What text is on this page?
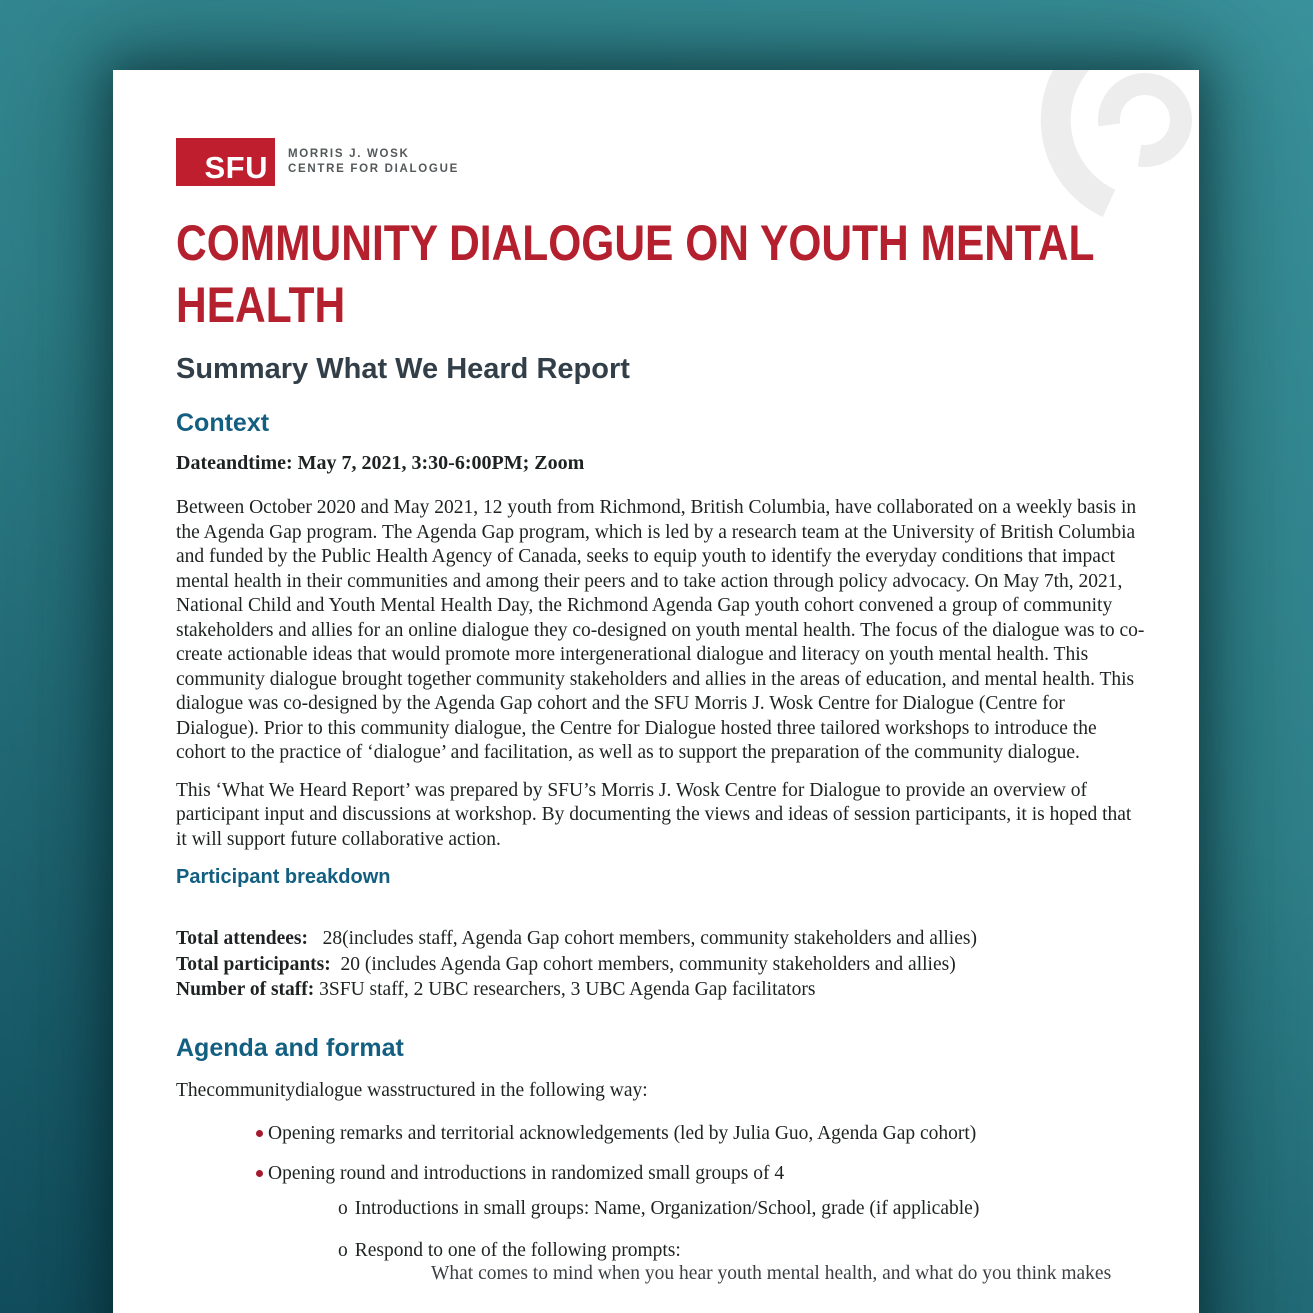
SFU MORRIS J. WOSK
CENTRE FOR DIALOGUE
COMMUNITY DIALOGUE ON YOUTH MENTAL HEALTH
Summary What We Heard Report
Context
Dateandtime: May 7, 2021, 3:30-6:00PM; Zoom
Between October 2020 and May 2021, 12 youth from Richmond, British Columbia, have collaborated on a weekly basis in the Agenda Gap program. The Agenda Gap program, which is led by a research team at the University of British Columbia and funded by the Public Health Agency of Canada, seeks to equip youth to identify the everyday conditions that impact mental health in their communities and among their peers and to take action through policy advocacy. On May 7th, 2021, National Child and Youth Mental Health Day, the Richmond Agenda Gap youth cohort convened a group of community stakeholders and allies for an online dialogue they co-designed on youth mental health. The focus of the dialogue was to co-create actionable ideas that would promote more intergenerational dialogue and literacy on youth mental health. This community dialogue brought together community stakeholders and allies in the areas of education, and mental health. This dialogue was co-designed by the Agenda Gap cohort and the SFU Morris J. Wosk Centre for Dialogue (Centre for Dialogue). Prior to this community dialogue, the Centre for Dialogue hosted three tailored workshops to introduce the cohort to the practice of ‘dialogue’ and facilitation, as well as to support the preparation of the community dialogue.
This ‘What We Heard Report’ was prepared by SFU’s Morris J. Wosk Centre for Dialogue to provide an overview of participant input and discussions at workshop. By documenting the views and ideas of session participants, it is hoped that it will support future collaborative action.
Participant breakdown
Total attendees:   28(includes staff, Agenda Gap cohort members, community stakeholders and allies)
Total participants:  20 (includes Agenda Gap cohort members, community stakeholders and allies)
Number of staff: 3SFU staff, 2 UBC researchers, 3 UBC Agenda Gap facilitators
Agenda and format
Thecommunitydialogue wasstructured in the following way:
Opening remarks and territorial acknowledgements (led by Julia Guo, Agenda Gap cohort)
Opening round and introductions in randomized small groups of 4
o Introductions in small groups: Name, Organization/School, grade (if applicable)
o Respond to one of the following prompts:
What comes to mind when you hear youth mental health, and what do you think makes
